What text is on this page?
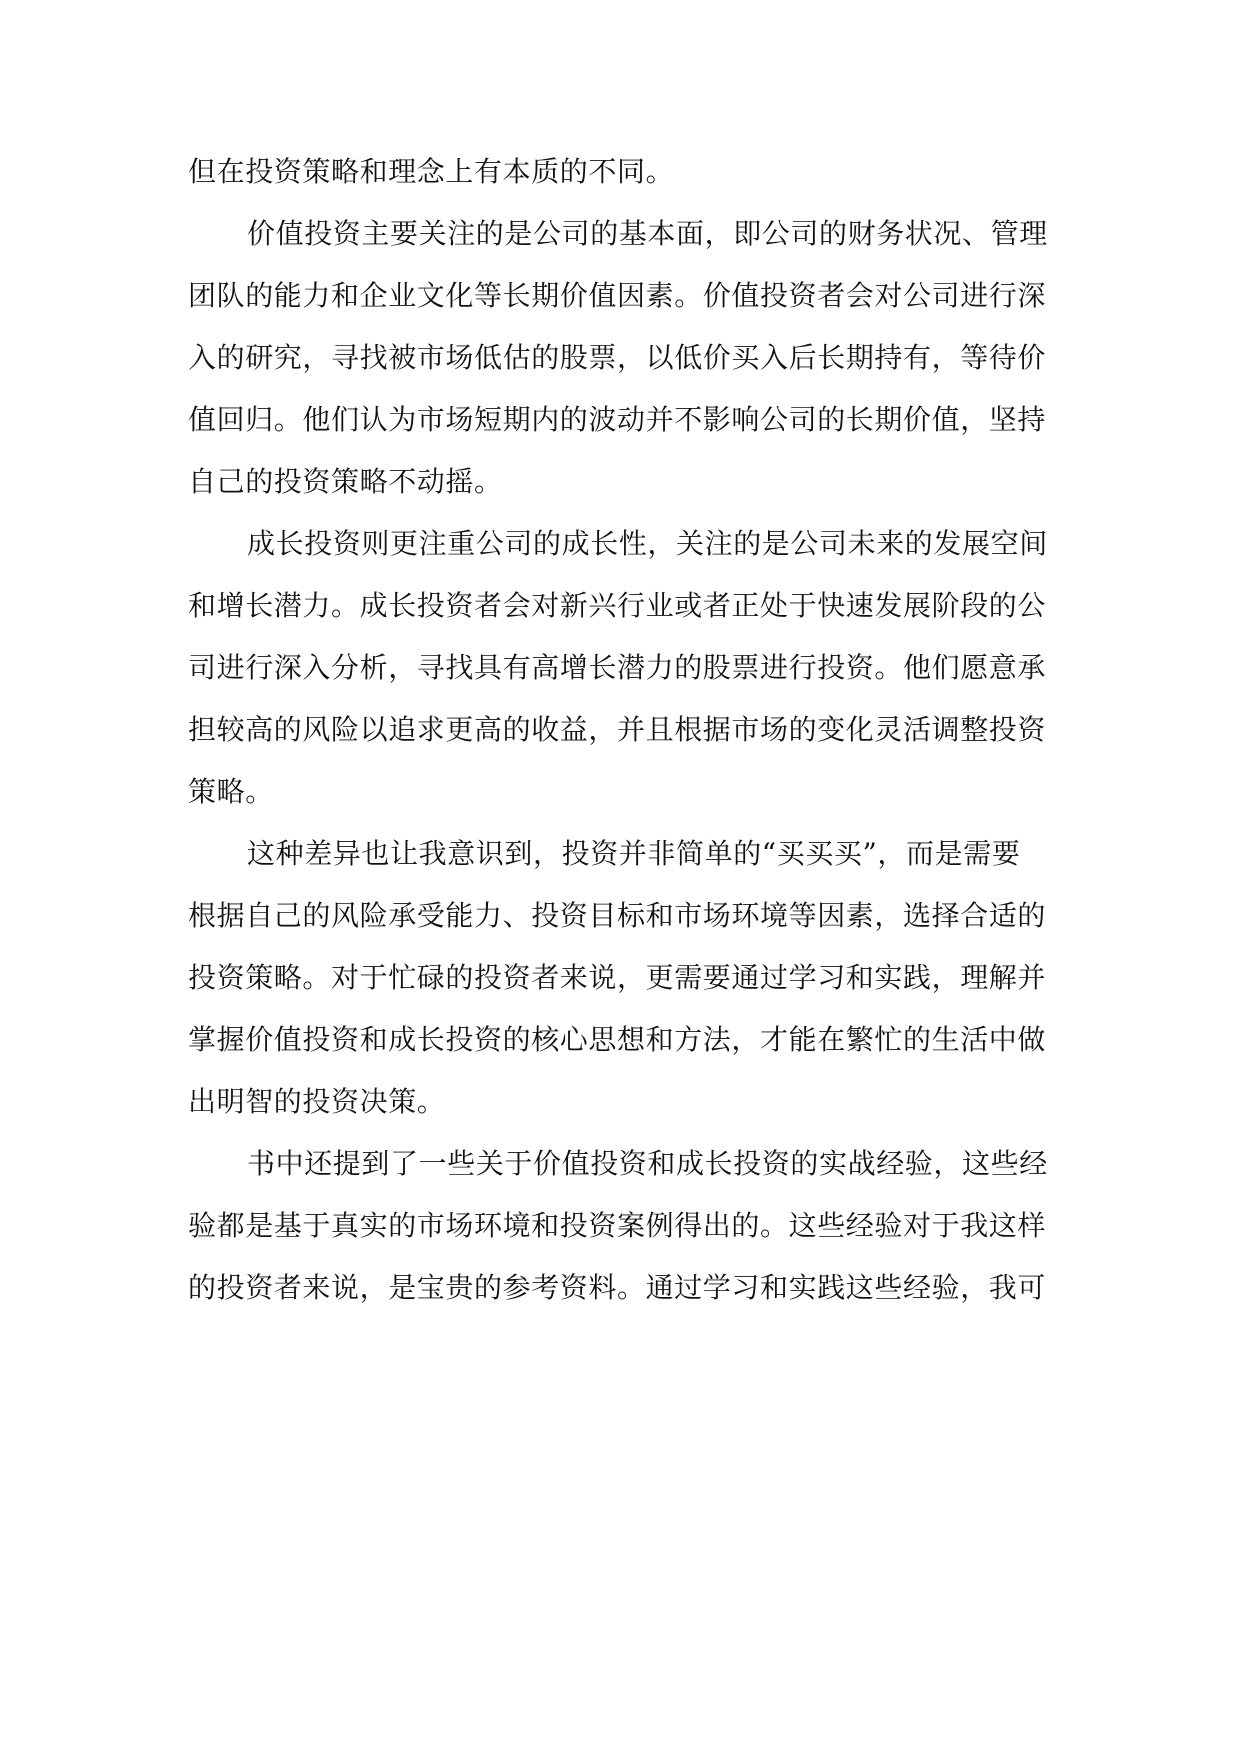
但在投资策略和理念上有本质的不同。
价值投资主要关注的是公司的基本面，即公司的财务状况、管理
团队的能力和企业文化等长期价值因素。价值投资者会对公司进行深
入的研究，寻找被市场低估的股票，以低价买入后长期持有，等待价
值回归。他们认为市场短期内的波动并不影响公司的长期价值，坚持
自己的投资策略不动摇。
成长投资则更注重公司的成长性，关注的是公司未来的发展空间
和增长潜力。成长投资者会对新兴行业或者正处于快速发展阶段的公
司进行深入分析，寻找具有高增长潜力的股票进行投资。他们愿意承
担较高的风险以追求更高的收益，并且根据市场的变化灵活调整投资
策略。
这种差异也让我意识到，投资并非简单的“买买买”，而是需要
根据自己的风险承受能力、投资目标和市场环境等因素，选择合适的
投资策略。对于忙碌的投资者来说，更需要通过学习和实践，理解并
掌握价值投资和成长投资的核心思想和方法，才能在繁忙的生活中做
出明智的投资决策。
书中还提到了一些关于价值投资和成长投资的实战经验，这些经
验都是基于真实的市场环境和投资案例得出的。这些经验对于我这样
的投资者来说，是宝贵的参考资料。通过学习和实践这些经验，我可
